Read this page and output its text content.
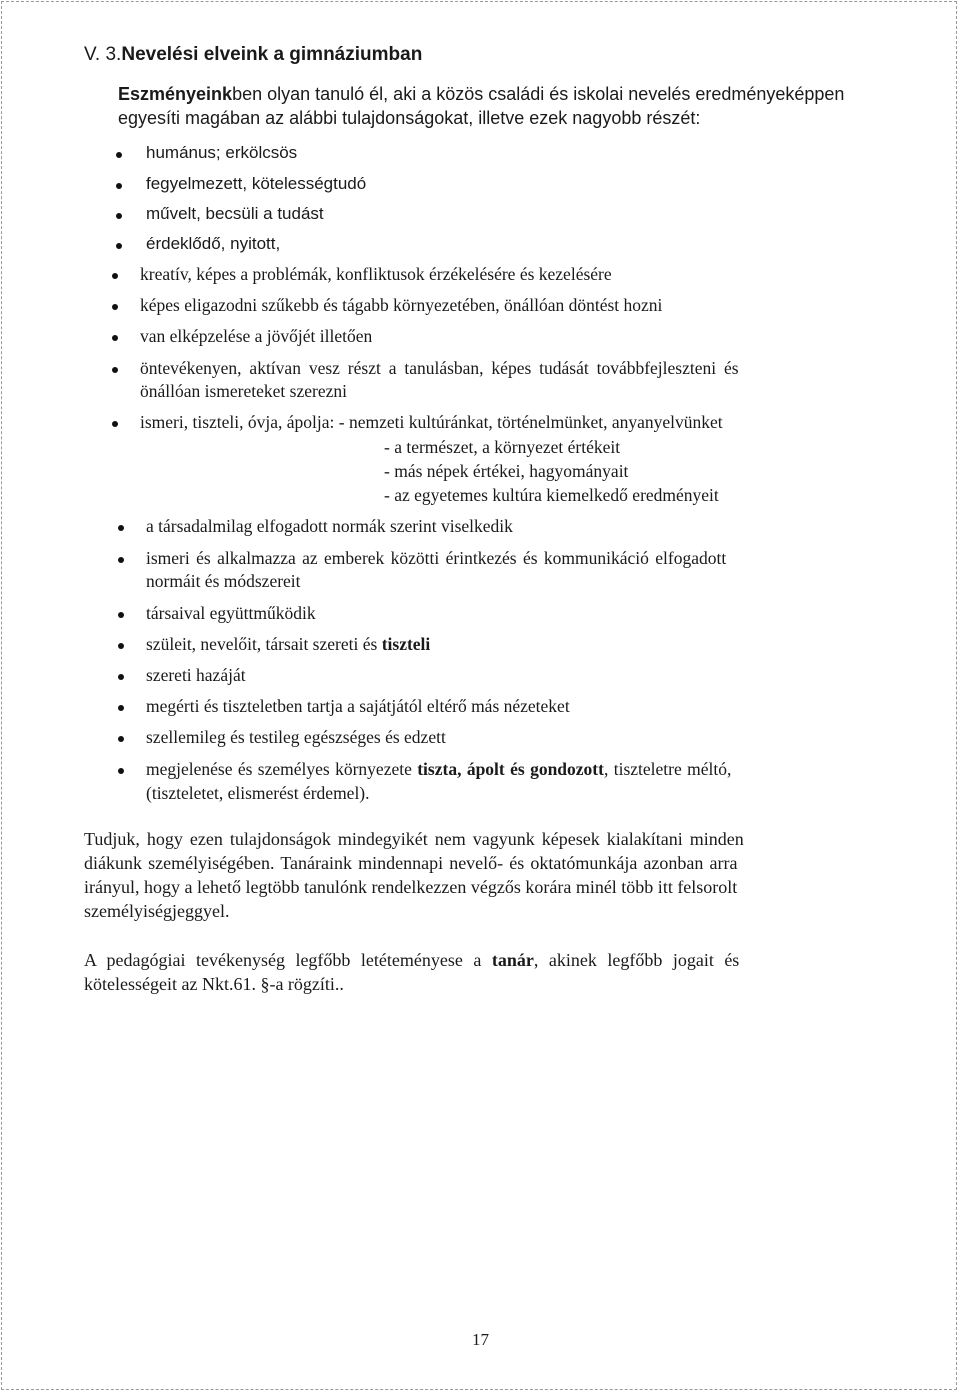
V. 3.Nevelési elveink a gimnáziumban
Eszményeinkben olyan tanuló él, aki a közös családi és iskolai nevelés eredményeképpen
egyesíti magában az alábbi tulajdonságokat, illetve ezek nagyobb részét:
humánus; erkölcsös
fegyelmezett, kötelességtudó
művelt, becsüli a tudást
érdeklődő, nyitott,
kreatív, képes a problémák, konfliktusok érzékelésére és kezelésére
képes eligazodni szűkebb és tágabb környezetében, önállóan döntést hozni
van elképzelése a jövőjét illetően
öntevékenyen, aktívan vesz részt a tanulásban, képes tudását továbbfejleszteni és
önállóan ismereteket szerezni
ismeri, tiszteli, óvja, ápolja: - nemzeti kultúránkat, történelmünket, anyanyelvünket
- a természet, a környezet értékeit
- más népek értékei, hagyományait
- az egyetemes kultúra kiemelkedő eredményeit
a társadalmilag elfogadott normák szerint viselkedik
ismeri és alkalmazza az emberek közötti érintkezés és kommunikáció elfogadott
normáit és módszereit
társaival együttműködik
szüleit, nevelőit, társait szereti és tiszteli
szereti hazáját
megérti és tiszteletben tartja a sajátjától eltérő más nézeteket
szellemileg és testileg egészséges és edzett
megjelenése és személyes környezete tiszta, ápolt és gondozott, tiszteletre méltó,
(tiszteletet, elismerést érdemel).
Tudjuk, hogy ezen tulajdonságok mindegyikét nem vagyunk képesek kialakítani minden
diákunk személyiségében. Tanáraink mindennapi nevelő- és oktatómunkája azonban arra
irányul, hogy a lehető legtöbb tanulónk rendelkezzen végzős korára minél több itt felsorolt
személyiségjeggyel.
A pedagógiai tevékenység legfőbb letéteményese a tanár, akinek legfőbb jogait és
kötelességeit az Nkt.61. §-a rögzíti..
17
